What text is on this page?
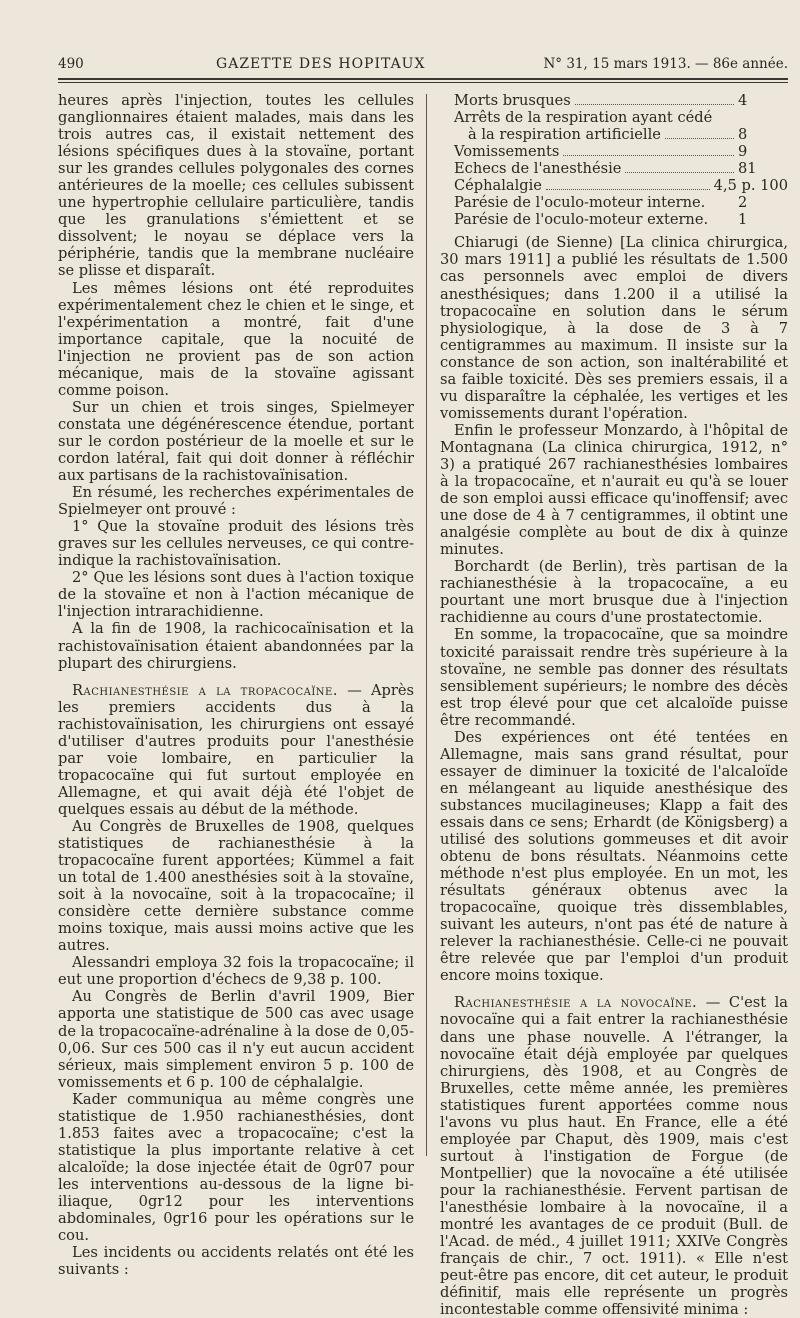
490	GAZETTE DES HOPITAUX	N° 31, 15 mars 1913. — 86e année.

heures après l'injection, toutes les cellules ganglionnaires étaient malades, mais dans les trois autres cas, il existait nettement des lésions spécifiques dues à la stovaïne, portant sur les grandes cellules polygonales des cornes antérieures de la moelle; ces cellules subissent une hypertrophie cellulaire particulière, tandis que les granulations s'émiettent et se dissolvent; le noyau se déplace vers la périphérie, tandis que la membrane nucléaire se plisse et disparaît.

Les mêmes lésions ont été reproduites expérimentalement chez le chien et le singe, et l'expérimentation a montré, fait d'une importance capitale, que la nocuité de l'injection ne provient pas de son action mécanique, mais de la stovaïne agissant comme poison.

Sur un chien et trois singes, Spielmeyer constata une dégénérescence étendue, portant sur le cordon postérieur de la moelle et sur le cordon latéral, fait qui doit donner à réfléchir aux partisans de la rachistovaïnisation.

En résumé, les recherches expérimentales de Spielmeyer ont prouvé :

1° Que la stovaïne produit des lésions très graves sur les cellules nerveuses, ce qui contre-indique la rachistovaïnisation.

2° Que les lésions sont dues à l'action toxique de la stovaïne et non à l'action mécanique de l'injection intrarachidienne.

A la fin de 1908, la rachicocaïnisation et la rachistovaïnisation étaient abandonnées par la plupart des chirurgiens.

Rachianesthésie a la tropacocaïne. — Après les premiers accidents dus à la rachistovaïnisation, les chirurgiens ont essayé d'utiliser d'autres produits pour l'anesthésie par voie lombaire, en particulier la tropacocaïne qui fut surtout employée en Allemagne, et qui avait déjà été l'objet de quelques essais au début de la méthode.

Au Congrès de Bruxelles de 1908, quelques statistiques de rachianesthésie à la tropacocaïne furent apportées; Kümmel a fait un total de 1.400 anesthésies soit à la stovaïne, soit à la novocaïne, soit à la tropacocaïne; il considère cette dernière substance comme moins toxique, mais aussi moins active que les autres.

Alessandri employa 32 fois la tropacocaïne; il eut une proportion d'échecs de 9,38 p. 100.

Au Congrès de Berlin d'avril 1909, Bier apporta une statistique de 500 cas avec usage de la tropacocaïne-adrénaline à la dose de 0,05-0,06. Sur ces 500 cas il n'y eut aucun accident sérieux, mais simplement environ 5 p. 100 de vomissements et 6 p. 100 de céphalalgie.

Kader communiqua au même congrès une statistique de 1.950 rachianesthésies, dont 1.853 faites avec a tropacocaïne; c'est la statistique la plus importante relative à cet alcaloïde; la dose injectée était de 0gr07 pour les interventions au-dessous de la ligne bi-iliaque, 0gr12 pour les interventions abdominales, 0gr16 pour les opérations sur le cou.

Les incidents ou accidents relatés ont été les suivants :

Morts brusques	4
Arrêts de la respiration ayant cédé
à la respiration artificielle	8
Vomissements	9
Echecs de l'anesthésie	81
Céphalalgie	4,5 p. 100
Parésie de l'oculo-moteur interne. 2
Parésie de l'oculo-moteur externe. 1

Chiarugi (de Sienne) [La clinica chirurgica, 30 mars 1911] a publié les résultats de 1.500 cas personnels avec emploi de divers anesthésiques; dans 1.200 il a utilisé la tropacocaïne en solution dans le sérum physiologique, à la dose de 3 à 7 centigrammes au maximum. Il insiste sur la constance de son action, son inaltérabilité et sa faible toxicité. Dès ses premiers essais, il a vu disparaître la céphalée, les vertiges et les vomissements durant l'opération.

Enfin le professeur Monzardo, à l'hôpital de Montagnana (La clinica chirurgica, 1912, n° 3) a pratiqué 267 rachianesthésies lombaires à la tropacocaïne, et n'aurait eu qu'à se louer de son emploi aussi efficace qu'inoffensif; avec une dose de 4 à 7 centigrammes, il obtint une analgésie complète au bout de dix à quinze minutes.

Borchardt (de Berlin), très partisan de la rachianesthésie à la tropacocaïne, a eu pourtant une mort brusque due à l'injection rachidienne au cours d'une prostatectomie.

En somme, la tropacocaïne, que sa moindre toxicité paraissait rendre très supérieure à la stovaïne, ne semble pas donner des résultats sensiblement supérieurs; le nombre des décès est trop élevé pour que cet alcaloïde puisse être recommandé.

Des expériences ont été tentées en Allemagne, mais sans grand résultat, pour essayer de diminuer la toxicité de l'alcaloïde en mélangeant au liquide anesthésique des substances mucilagineuses; Klapp a fait des essais dans ce sens; Erhardt (de Königsberg) a utilisé des solutions gommeuses et dit avoir obtenu de bons résultats. Néanmoins cette méthode n'est plus employée. En un mot, les résultats généraux obtenus avec la tropacocaïne, quoique très dissemblables, suivant les auteurs, n'ont pas été de nature à relever la rachianesthésie. Celle-ci ne pouvait être relevée que par l'emploi d'un produit encore moins toxique.

Rachianesthésie a la novocaïne. — C'est la novocaïne qui a fait entrer la rachianesthésie dans une phase nouvelle. A l'étranger, la novocaïne était déjà employée par quelques chirurgiens, dès 1908, et au Congrès de Bruxelles, cette même année, les premières statistiques furent apportées comme nous l'avons vu plus haut. En France, elle a été employée par Chaput, dès 1909, mais c'est surtout à l'instigation de Forgue (de Montpellier) que la novocaïne a été utilisée pour la rachianesthésie. Fervent partisan de l'anesthésie lombaire à la novocaïne, il a montré les avantages de ce produit (Bull. de l'Acad. de méd., 4 juillet 1911; XXIVe Congrès français de chir., 7 oct. 1911). « Elle n'est peut-être pas encore, dit cet auteur, le produit définitif, mais elle représente un progrès incontestable comme offensivité minima :
